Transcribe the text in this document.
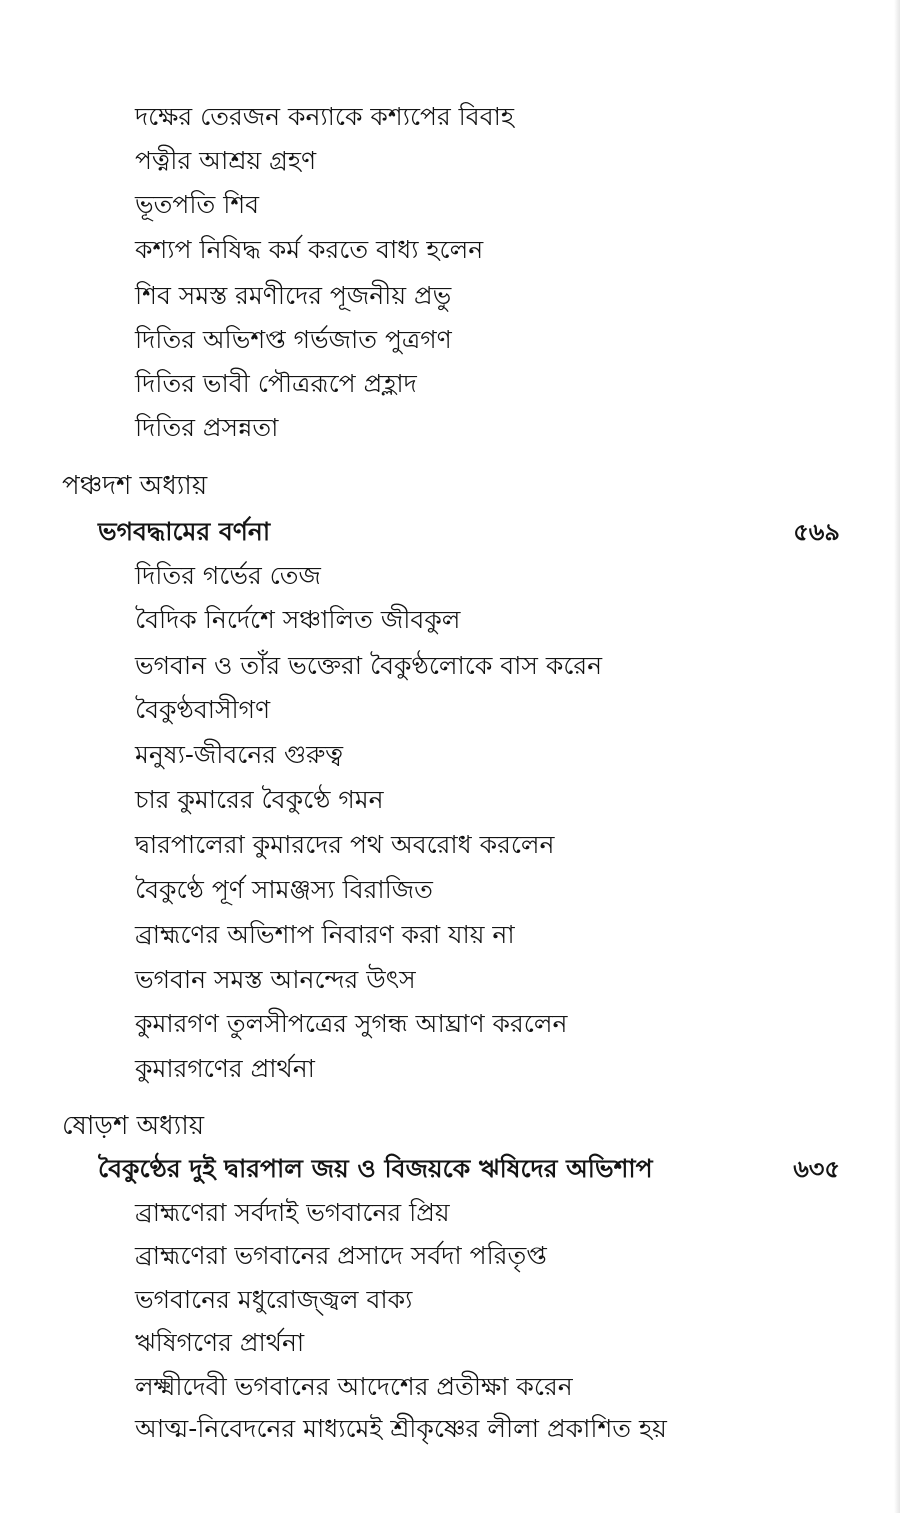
দক্ষের তেরজন কন্যাকে কশ্যপের বিবাহ
পত্নীর আশ্রয় গ্রহণ
ভূতপতি শিব
কশ্যপ নিষিদ্ধ কর্ম করতে বাধ্য হলেন
শিব সমস্ত রমণীদের পূজনীয় প্রভু
দিতির অভিশপ্ত গর্ভজাত পুত্রগণ
দিতির ভাবী পৌত্ররূপে প্রহ্লাদ
দিতির প্রসন্নতা
পঞ্চদশ অধ্যায়
ভগবদ্ধামের বর্ণনা	৫৬৯
দিতির গর্ভের তেজ
বৈদিক নির্দেশে সঞ্চালিত জীবকুল
ভগবান ও তাঁর ভক্তেরা বৈকুণ্ঠলোকে বাস করেন
বৈকুণ্ঠবাসীগণ
মনুষ্য-জীবনের গুরুত্ব
চার কুমারের বৈকুণ্ঠে গমন
দ্বারপালেরা কুমারদের পথ অবরোধ করলেন
বৈকুণ্ঠে পূর্ণ সামঞ্জস্য বিরাজিত
ব্রাহ্মণের অভিশাপ নিবারণ করা যায় না
ভগবান সমস্ত আনন্দের উৎস
কুমারগণ তুলসীপত্রের সুগন্ধ আঘ্রাণ করলেন
কুমারগণের প্রার্থনা
ষোড়শ অধ্যায়
বৈকুণ্ঠের দুই দ্বারপাল জয় ও বিজয়কে ঋষিদের অভিশাপ	৬৩৫
ব্রাহ্মণেরা সর্বদাই ভগবানের প্রিয়
ব্রাহ্মণেরা ভগবানের প্রসাদে সর্বদা পরিতৃপ্ত
ভগবানের মধুরোজ্জ্বল বাক্য
ঋষিগণের প্রার্থনা
লক্ষ্মীদেবী ভগবানের আদেশের প্রতীক্ষা করেন
আত্ম-নিবেদনের মাধ্যমেই শ্রীকৃষ্ণের লীলা প্রকাশিত হয়
